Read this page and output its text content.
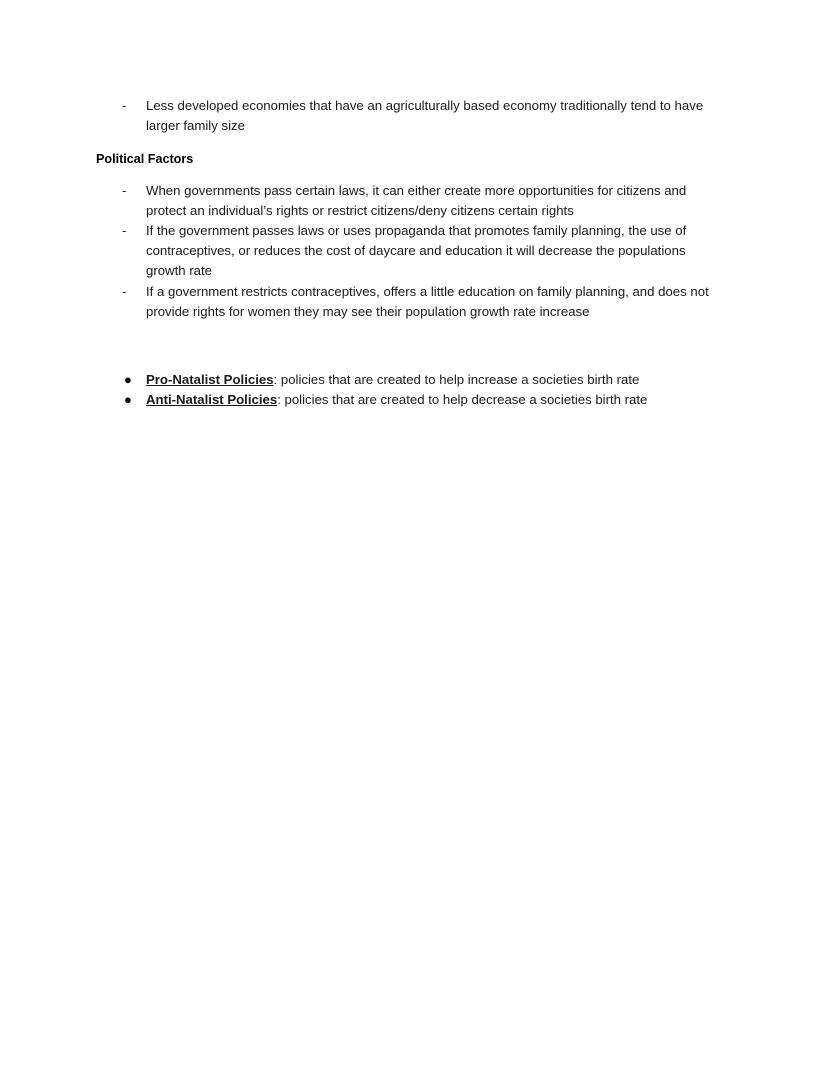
-	Less developed economies that have an agriculturally based economy traditionally tend to have larger family size

Political Factors

-	When governments pass certain laws, it can either create more opportunities for citizens and protect an individual’s rights or restrict citizens/deny citizens certain rights
-	If the government passes laws or uses propaganda that promotes family planning, the use of contraceptives, or reduces the cost of daycare and education it will decrease the populations growth rate
-	If a government restricts contraceptives, offers a little education on family planning, and does not provide rights for women they may see their population growth rate increase
● Pro-Natalist Policies: policies that are created to help increase a societies birth rate
● Anti-Natalist Policies: policies that are created to help decrease a societies birth rate
